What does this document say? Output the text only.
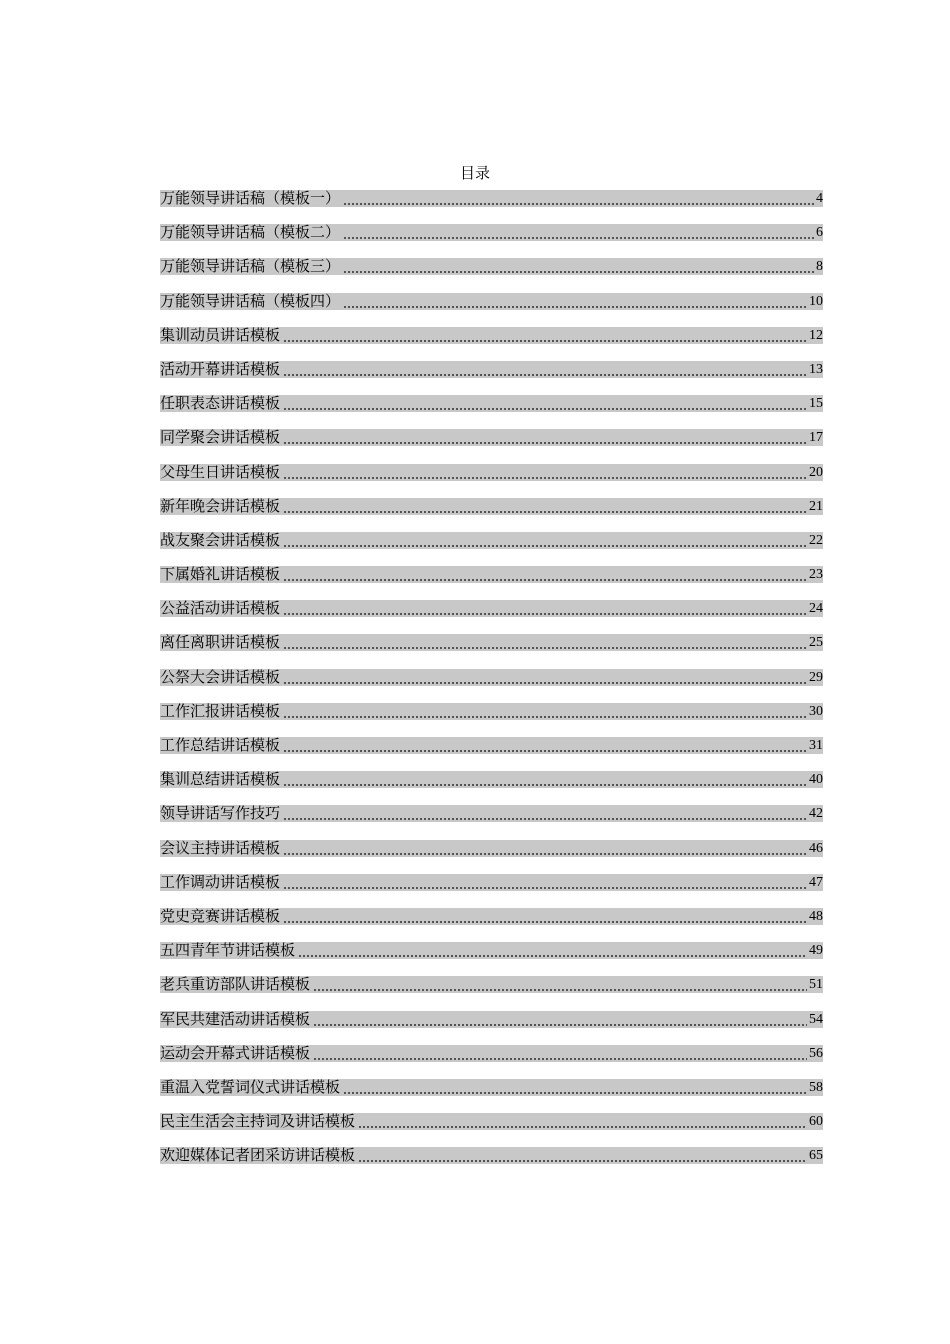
目录
万能领导讲话稿（模板一）	4
万能领导讲话稿（模板二）	6
万能领导讲话稿（模板三）	8
万能领导讲话稿（模板四）	10
集训动员讲话模板	12
活动开幕讲话模板	13
任职表态讲话模板	15
同学聚会讲话模板	17
父母生日讲话模板	20
新年晚会讲话模板	21
战友聚会讲话模板	22
下属婚礼讲话模板	23
公益活动讲话模板	24
离任离职讲话模板	25
公祭大会讲话模板	29
工作汇报讲话模板	30
工作总结讲话模板	31
集训总结讲话模板	40
领导讲话写作技巧	42
会议主持讲话模板	46
工作调动讲话模板	47
党史竞赛讲话模板	48
五四青年节讲话模板	49
老兵重访部队讲话模板	51
军民共建活动讲话模板	54
运动会开幕式讲话模板	56
重温入党誓词仪式讲话模板	58
民主生活会主持词及讲话模板	60
欢迎媒体记者团采访讲话模板	65
